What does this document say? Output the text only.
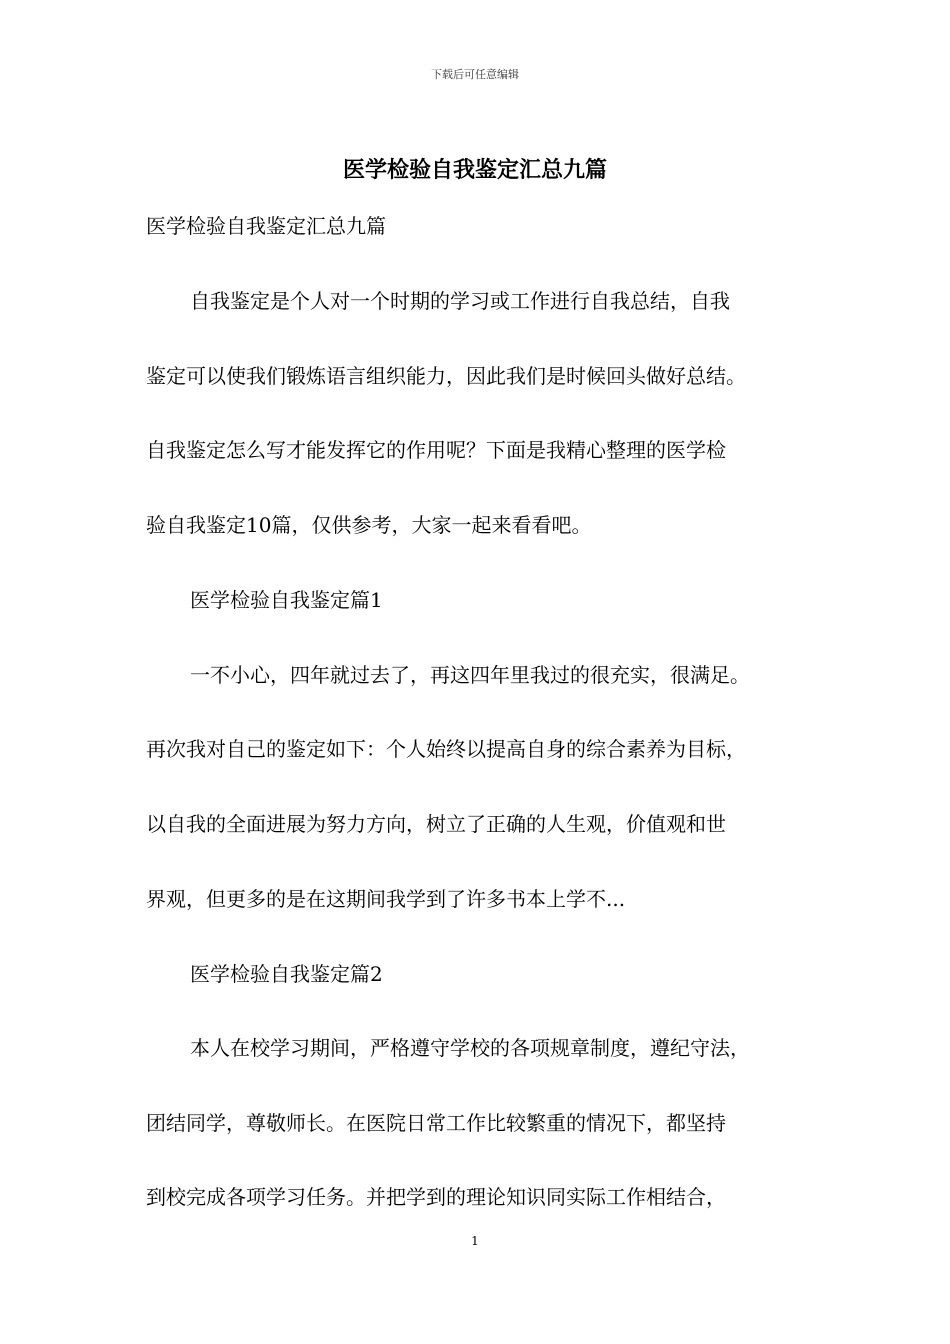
下载后可任意编辑
医学检验自我鉴定汇总九篇
医学检验自我鉴定汇总九篇
自我鉴定是个人对一个时期的学习或工作进行自我总结，自我
鉴定可以使我们锻炼语言组织能力，因此我们是时候回头做好总结。
自我鉴定怎么写才能发挥它的作用呢？下面是我精心整理的医学检
验自我鉴定10篇，仅供参考，大家一起来看看吧。
医学检验自我鉴定篇1
一不小心，四年就过去了，再这四年里我过的很充实，很满足。
再次我对自己的鉴定如下：个人始终以提高自身的综合素养为目标，
以自我的全面进展为努力方向，树立了正确的人生观，价值观和世
界观，但更多的是在这期间我学到了许多书本上学不...
医学检验自我鉴定篇2
本人在校学习期间，严格遵守学校的各项规章制度，遵纪守法，
团结同学，尊敬师长。在医院日常工作比较繁重的情况下，都坚持
到校完成各项学习任务。并把学到的理论知识同实际工作相结合，
1
